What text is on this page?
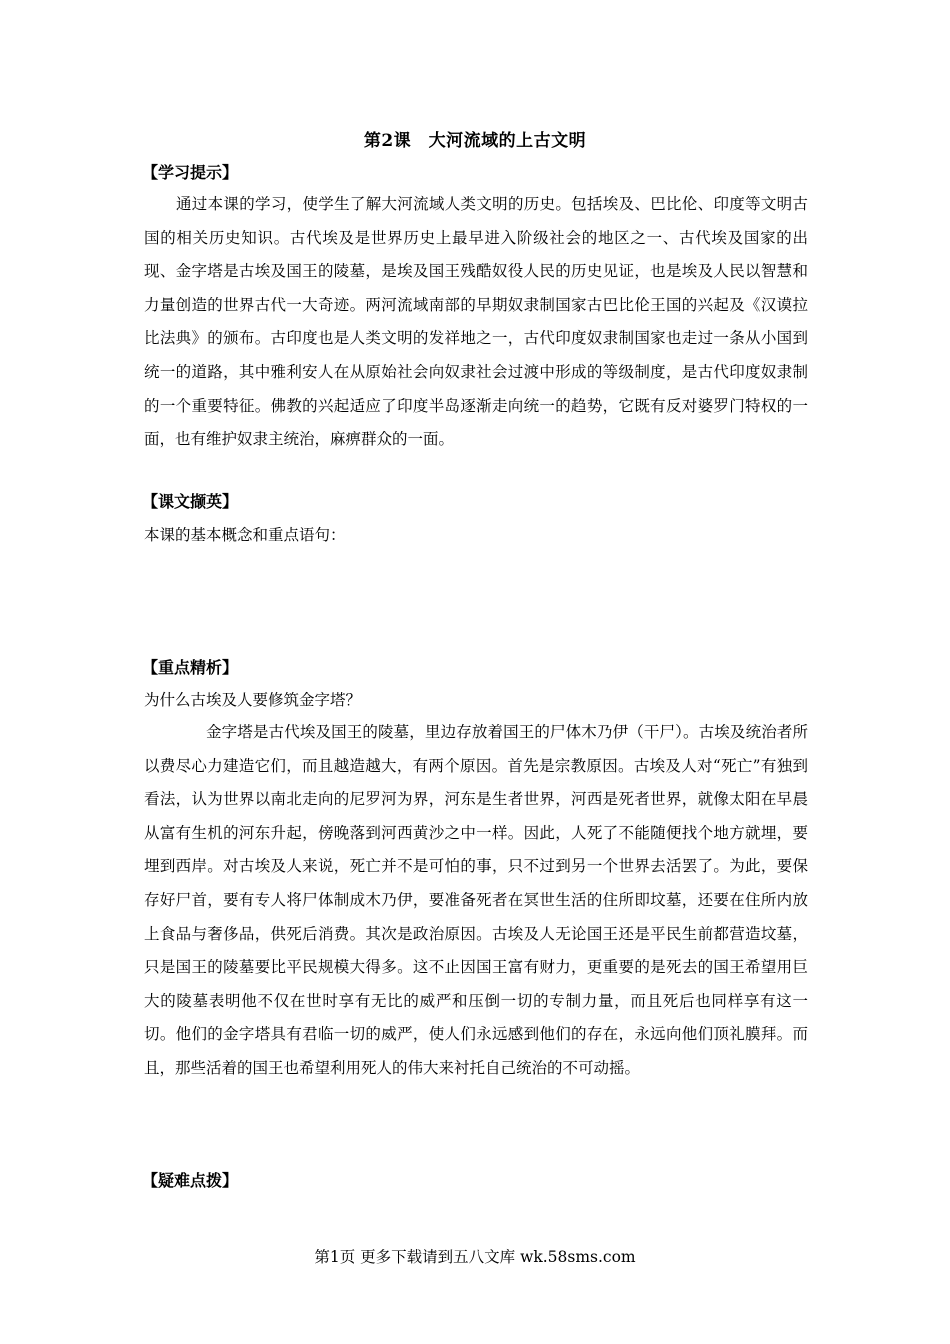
第2课　大河流域的上古文明
【学习提示】

通过本课的学习，使学生了解大河流域人类文明的历史。包括埃及、巴比伦、印度等文明古国的相关历史知识。古代埃及是世界历史上最早进入阶级社会的地区之一、古代埃及国家的出现、金字塔是古埃及国王的陵墓，是埃及国王残酷奴役人民的历史见证，也是埃及人民以智慧和力量创造的世界古代一大奇迹。两河流域南部的早期奴隶制国家古巴比伦王国的兴起及《汉谟拉比法典》的颁布。古印度也是人类文明的发祥地之一，古代印度奴隶制国家也走过一条从小国到统一的道路，其中雅利安人在从原始社会向奴隶社会过渡中形成的等级制度，是古代印度奴隶制的一个重要特征。佛教的兴起适应了印度半岛逐渐走向统一的趋势，它既有反对婆罗门特权的一面，也有维护奴隶主统治，麻痹群众的一面。

【课文撷英】

本课的基本概念和重点语句：

【重点精析】

为什么古埃及人要修筑金字塔？

金字塔是古代埃及国王的陵墓，里边存放着国王的尸体木乃伊（干尸）。古埃及统治者所以费尽心力建造它们，而且越造越大，有两个原因。首先是宗教原因。古埃及人对“死亡”有独到看法，认为世界以南北走向的尼罗河为界，河东是生者世界，河西是死者世界，就像太阳在早晨从富有生机的河东升起，傍晚落到河西黄沙之中一样。因此，人死了不能随便找个地方就埋，要埋到西岸。对古埃及人来说，死亡并不是可怕的事，只不过到另一个世界去活罢了。为此，要保存好尸首，要有专人将尸体制成木乃伊，要准备死者在冥世生活的住所即坟墓，还要在住所内放上食品与奢侈品，供死后消费。其次是政治原因。古埃及人无论国王还是平民生前都营造坟墓，只是国王的陵墓要比平民规模大得多。这不止因国王富有财力，更重要的是死去的国王希望用巨大的陵墓表明他不仅在世时享有无比的威严和压倒一切的专制力量，而且死后也同样享有这一切。他们的金字塔具有君临一切的威严，使人们永远感到他们的存在，永远向他们顶礼膜拜。而且，那些活着的国王也希望利用死人的伟大来衬托自己统治的不可动摇。

【疑难点拨】
第1页 更多下载请到五八文库 wk.58sms.com
